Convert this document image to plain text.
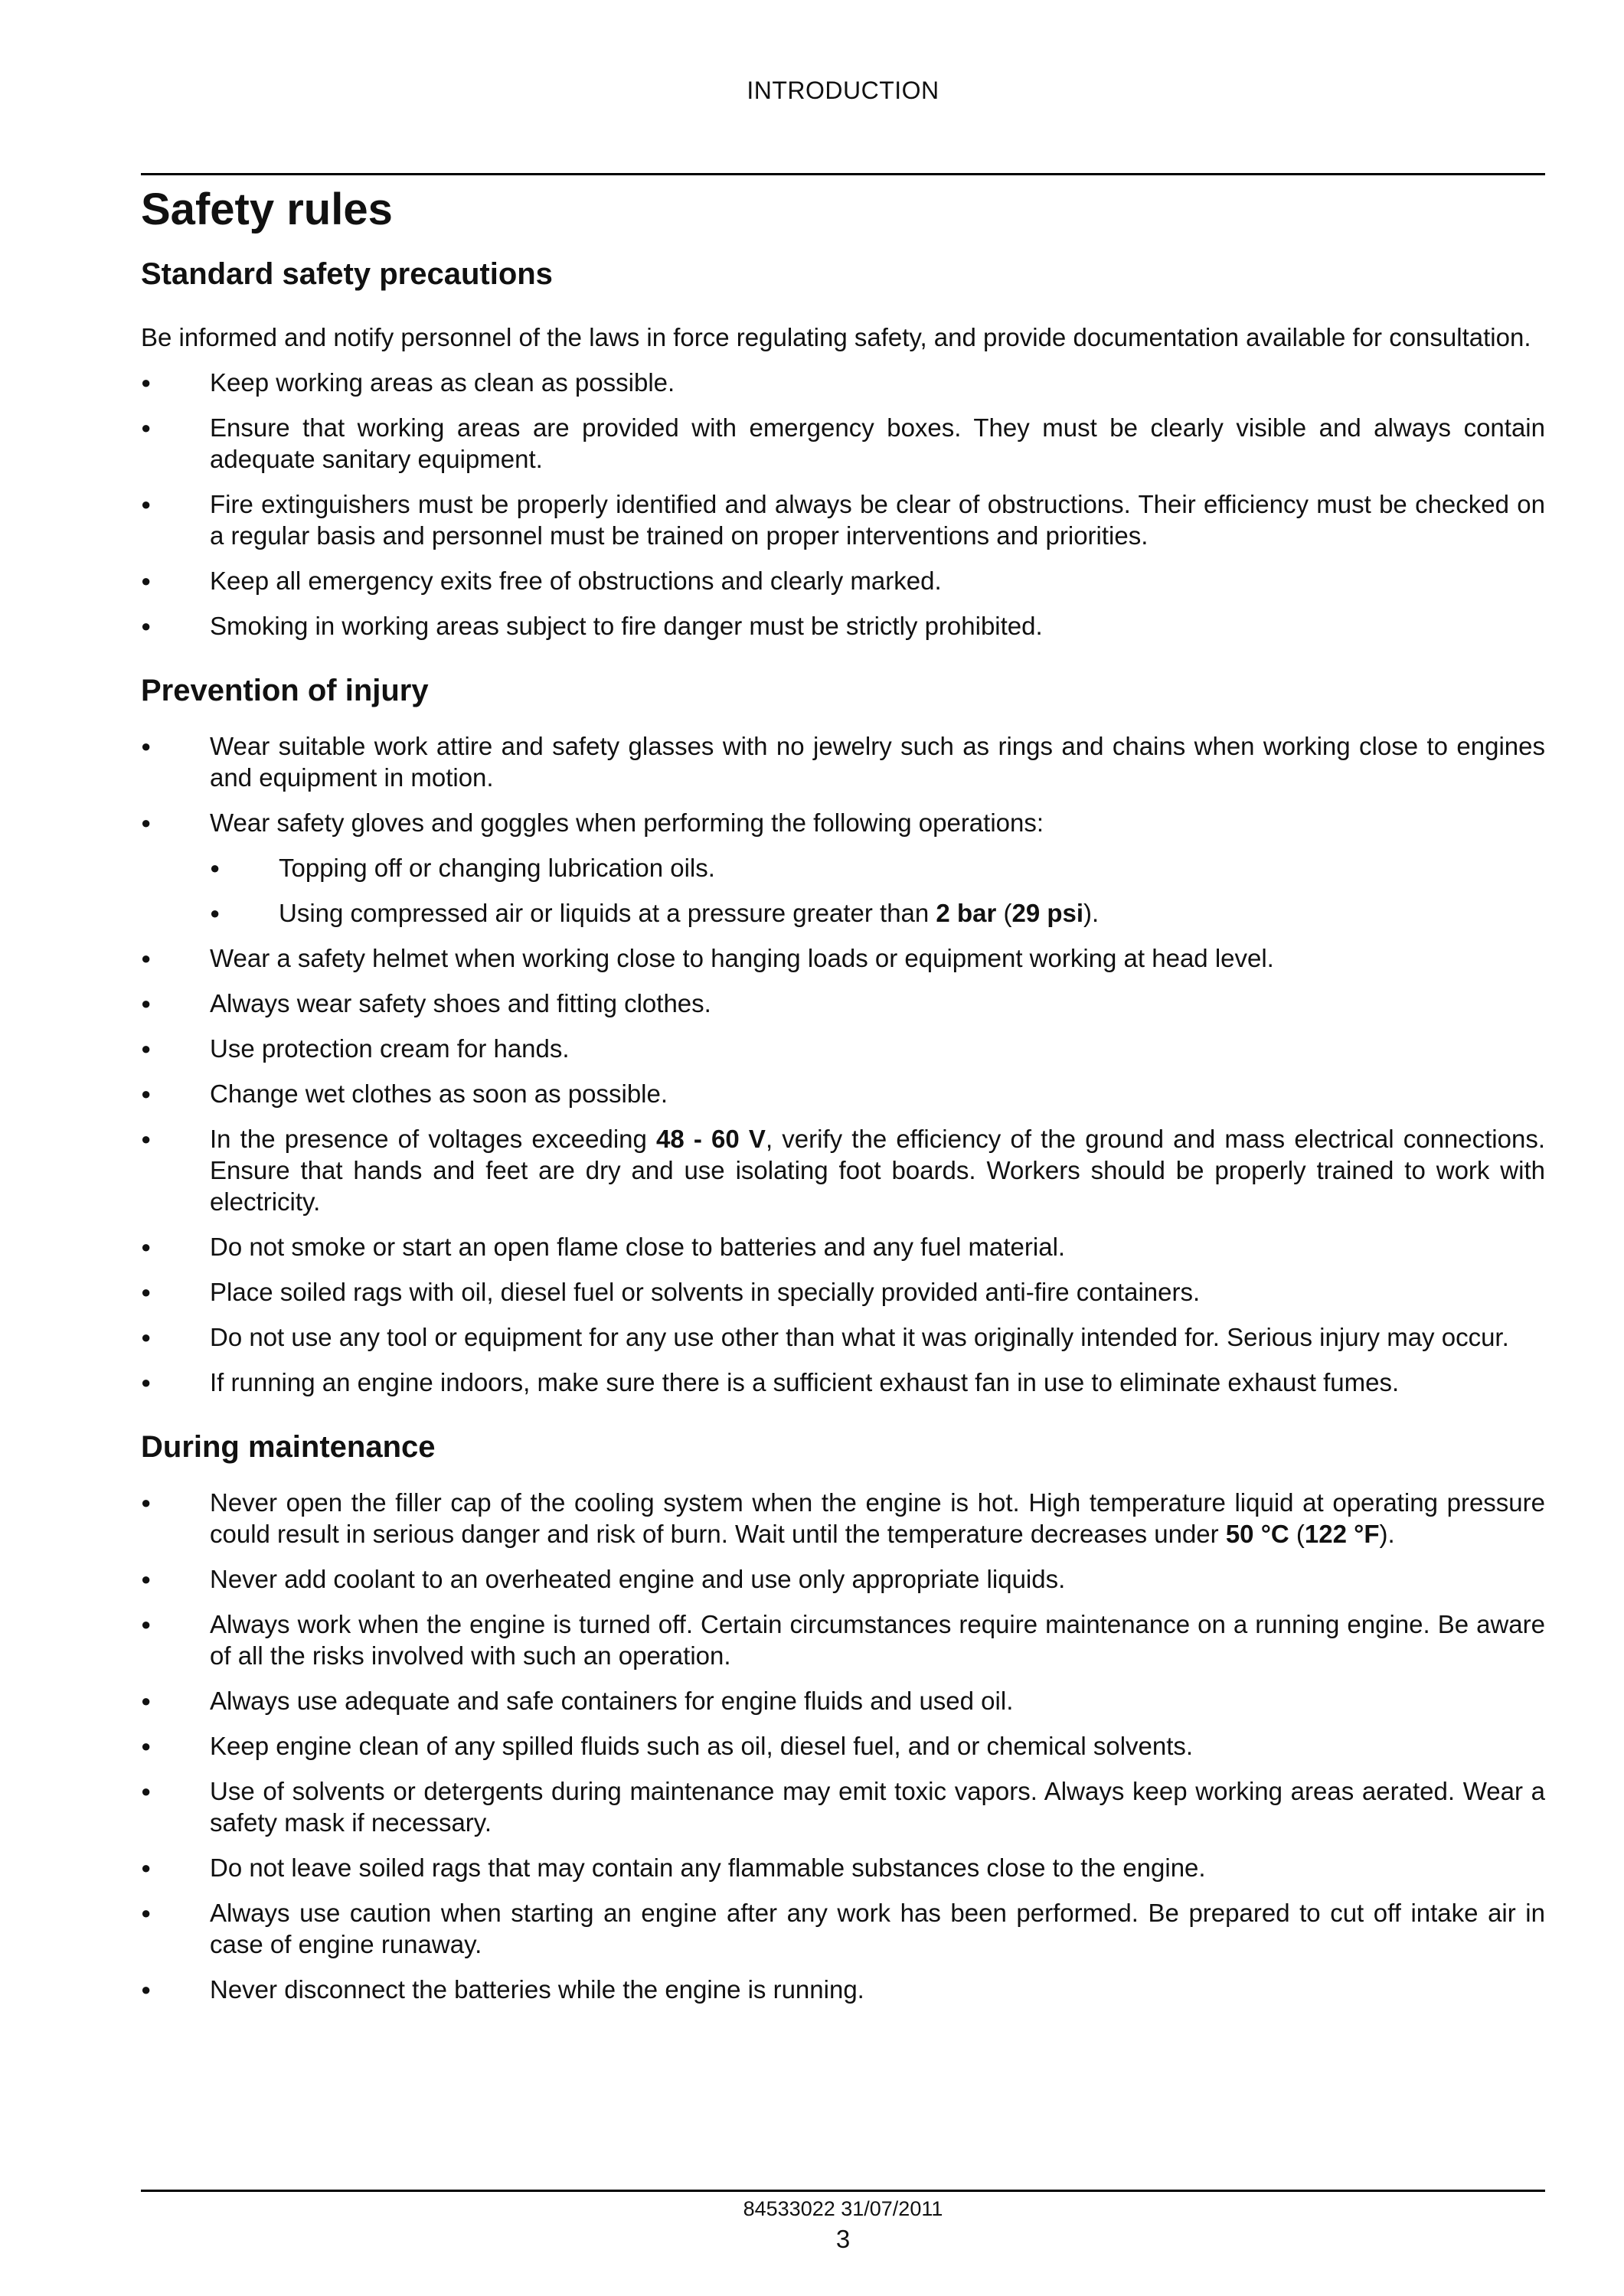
INTRODUCTION
Safety rules
Standard safety precautions

Be informed and notify personnel of the laws in force regulating safety, and provide documentation available for consultation.

●	Keep working areas as clean as possible.
●	Ensure that working areas are provided with emergency boxes. They must be clearly visible and always contain adequate sanitary equipment.
●	Fire extinguishers must be properly identified and always be clear of obstructions. Their efficiency must be checked on a regular basis and personnel must be trained on proper interventions and priorities.
●	Keep all emergency exits free of obstructions and clearly marked.
●	Smoking in working areas subject to fire danger must be strictly prohibited.
Prevention of injury
●	Wear suitable work attire and safety glasses with no jewelry such as rings and chains when working close to engines and equipment in motion.
●	Wear safety gloves and goggles when performing the following operations:
●	Topping off or changing lubrication oils.
●	Using compressed air or liquids at a pressure greater than 2 bar (29 psi).
●	Wear a safety helmet when working close to hanging loads or equipment working at head level.
●	Always wear safety shoes and fitting clothes.
●	Use protection cream for hands.
●	Change wet clothes as soon as possible.
●	In the presence of voltages exceeding 48 - 60 V, verify the efficiency of the ground and mass electrical connections. Ensure that hands and feet are dry and use isolating foot boards. Workers should be properly trained to work with electricity.
●	Do not smoke or start an open flame close to batteries and any fuel material.
●	Place soiled rags with oil, diesel fuel or solvents in specially provided anti-fire containers.
●	Do not use any tool or equipment for any use other than what it was originally intended for. Serious injury may occur.
●	If running an engine indoors, make sure there is a sufficient exhaust fan in use to eliminate exhaust fumes.
During maintenance
●	Never open the filler cap of the cooling system when the engine is hot. High temperature liquid at operating pressure could result in serious danger and risk of burn. Wait until the temperature decreases under 50 °C (122 °F).
●	Never add coolant to an overheated engine and use only appropriate liquids.
●	Always work when the engine is turned off. Certain circumstances require maintenance on a running engine. Be aware of all the risks involved with such an operation.
●	Always use adequate and safe containers for engine fluids and used oil.
●	Keep engine clean of any spilled fluids such as oil, diesel fuel, and or chemical solvents.
●	Use of solvents or detergents during maintenance may emit toxic vapors. Always keep working areas aerated. Wear a safety mask if necessary.
●	Do not leave soiled rags that may contain any flammable substances close to the engine.
●	Always use caution when starting an engine after any work has been performed. Be prepared to cut off intake air in case of engine runaway.
●	Never disconnect the batteries while the engine is running.
84533022 31/07/2011
3
